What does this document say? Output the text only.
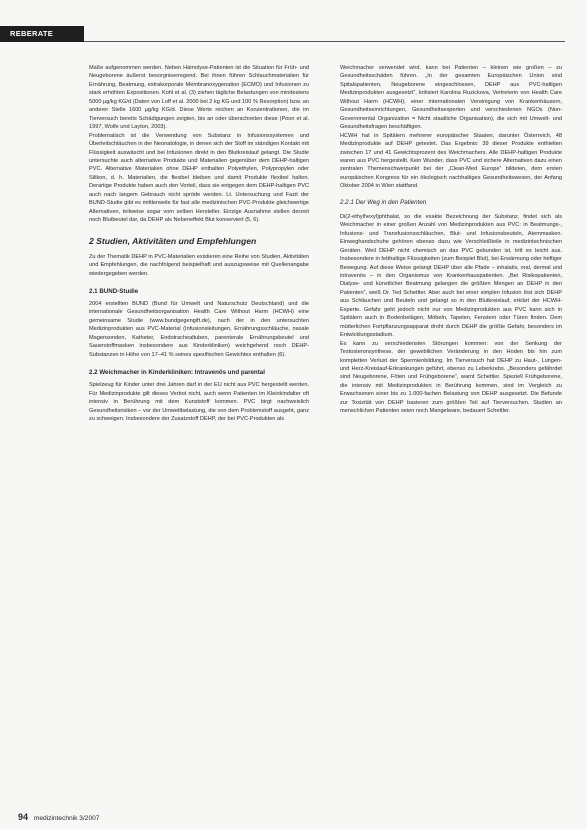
REBERATE

Maße aufgenommen werden. Neben Hämolyse-Patienten ist die Situation für Früh- und Neugeborene äußerst besorgniserregend. Bei ihnen führen Schlauchmaterialien für Ernährung, Beatmung, extrakorporale Membranoxygenation (ECMO) und Infusionen zu stark erhöhten Expositionen. Kohl et al. (3) ziehen tägliche Belastungen von mindestens 5000 µg/kg KG/d (Daten von Loff et al. 2000 bei 2 kg KG und 100 % Resorption) bzw. an anderer Stelle 1600 µg/kg KG/d. Diese Werte reichen an Konzentrationen, die im Tierversuch bereits Schädigungen zeigten, bis an oder überschreiten diese (Poon et al. 1997, Wolfe und Layton, 2003).

Problematisch ist die Verwendung von Substanz in Infusionssystemen und Überleitschläuchen in der Neonatologie, in denen sich der Stoff im ständigen Kontakt mit Flüssigkeit auswäscht und bei Infusionen direkt in den Blutkreislauf gelangt. Die Studie untersuchte auch alternative Produkte und Materialien gegenüber dem DEHP-haltigen PVC. Alternative Materialien ohne DEHP enthalten Polyethylen, Polypropylen oder Silikon, d. h. Materialien, die flexibel bleiben und damit Produkte flexibel halten. Derartige Produkte haben auch den Vorteil, dass sie entgegen dem DEHP-haltigen PVC auch nach langem Gebrauch nicht spröde werden. Lt. Untersuchung und Fazit der BUND-Studie gibt es mittlerweile für fast alle medizinischen PVC-Produkte gleichwertige Alternativen, teilweise sogar vom selben Hersteller. Einzige Ausnahme stellen derzeit noch Blutbeutel dar, da DEHP als Nebeneffekt Blut konserviert (5, 6).

2 Studien, Aktivitäten und Empfehlungen

Zu der Thematik DEHP in PVC-Materialien existieren eine Reihe von Studien, Aktivitäten und Empfehlungen, die nachfolgend beispielhaft und auszugsweise mit Quellenangabe wiedergegeben werden.

2.1 BUND-Studie

2004 erstellten BUND (Bund für Umwelt und Naturschutz Deutschland) und die internationale Gesundheitsorganisation Health Care Without Harm (HCWH) eine gemeinsame Studie (www.bundgegengift.de), nach der in den untersuchten Medizinprodukten aus PVC-Material (Infusionsleitungen, Ernährungsschläuche, nasale Magensonden, Katheter, Endotrachealtuben, parenterale Ernährungsbeutel und Sauerstoffmasken insbesondere aus Kinderkliniken) weichgehend noch DEHP-Substanzen in Höhe von 17–41 % seines spezifischen Gewichtes enthalten (6).

2.2 Weichmacher in Kinderkliniken: Intravenös und parental

Spielzeug für Kinder unter drei Jahren darf in der EU nicht aus PVC hergestellt werden. Für Medizinprodukte gilt dieses Verbot nicht, auch wenn Patienten im Kleinkindalter oft intensiv in Berührung mit dem Kunststoff kommen. PVC birgt nachweislich Gesundheitsrisiken – vor der Umweltbelastung, die von dem Problemstoff ausgeht, ganz zu schweigen. Insbesondere der Zusatzstoff DEHP, der bei PVC-Produkten als

Weichmacher verwendet wird, kann bei Patienten – kleinen wie großen – zu Gesundheitsschäden führen. „In der gesamten Europäischen Union sind Spitalspatienten, Neugeborene eingeschlossen, DEHP aus PVC-haltigen Medizinprodukten ausgesetzt“, kritisiert Karolina Ruzickova, Vertreterin von Health Care Without Harm (HCWH), einer internationalen Vereinigung von Krankenhäusern, Gesundheitseinrichtungen, Gesundheitsexperten und verschiedenen NGOs (Non-Governmental Organization = Nicht staatliche Organisation), die sich mit Umwelt- und Gesundheitsfragen beschäftigen.

HCWH hat in Spitälern mehrerer europäischer Staaten, darunter Österreich, 48 Medizinprodukte auf DEHP getestet. Das Ergebnis: 39 dieser Produkte enthielten zwischen 17 und 41 Gewichtsprozent des Weichmachers. Alle DEHP-haltigen Produkte waren aus PVC hergestellt. Kein Wunder, dass PVC und sichere Alternativen dazu einen zentralen Themenschwerpunkt bei der „Clean-Med Europe“ bildeten, dem ersten europäischen Kongress für ein ökologisch nachhaltiges Gesundheitswesen, der Anfang Oktober 2004 in Wien stattfand.

2.2.1 Der Weg in den Patienten

Di(2-ethylhexyl)phthalat, so die exakte Bezeichnung der Substanz, findet sich als Weichmacher in einer großen Anzahl von Medizinprodukten aus PVC: in Beatmungs-, Infusions- und Transfusionsschläuchen, Blut- und Infusionsbeuteln, Atemmasken. Einweghandschuhe gehören ebenso dazu wie Verschleißteile in medizintechnischen Geräten. Weil DEHP nicht chemisch an das PVC gebunden ist, tritt es leicht aus. Insbesondere in fetthaltige Flüssigkeiten (zum Beispiel Blut), bei Erwärmung oder heftiger Bewegung. Auf diese Weise gelangt DEHP über alle Pfade – inhalativ, oral, dermal und intravenös – in den Organismus von Krankenhauspatienten. „Bei Risikopatienten, Dialyse- und künstlicher Beatmung gelangen die größten Mengen an DEHP in den Patienten“, weiß Dr. Ted Schettler. Aber auch bei einer simplen Infusion löst sich DEHP aus Schläuchen und Beuteln und gelangt so in den Blutkreislauf, erklärt der HCWH-Experte. Gefahr geht jedoch nicht nur von Medizinprodukten aus PVC kann sich in Spitälern auch in Bodenbelägen, Möbeln, Tapeten, Fenstern oder Türen finden. Dem mütterlichen Fortpflanzungsapparat droht durch DEHP die größte Gefahr, besonders im Entwicklungsstadium.

Es kann zu verschiedensten Störungen kommen: von der Senkung der Testosteronsynthese, der gewebliichen Veränderung in den Hoden bis hin zum kompletten Verlust der Spermienbildung. Im Tierversuch hat DEHP zu Haut-, Lungen- und Herz-Kreislauf-Erkrankungen geführt, ebenso zu Leberkrebs. „Besonders gefährdet sind Neugeborene, Föten und Frühgeborene“, warnt Schettler. Speziell Frühgeborene, die intensiv mit Medizinprodukten in Berührung kommen, sind im Vergleich zu Erwachsenen einer bis zu 1.000-fachen Belastung von DEHP ausgesetzt. Die Befunde zur Toxizität von DEHP basieren zum größten Teil auf Tierversuchen. Studien an menschlichen Patienten seien noch Mangelware, bedauert Schettler.

94 medizintechnik 3/2007
